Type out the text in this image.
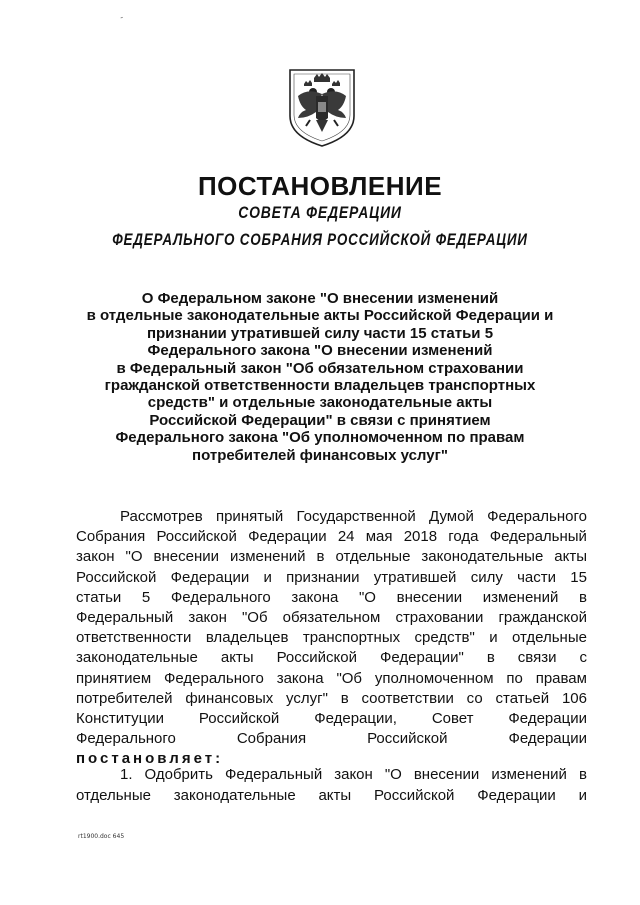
-
ПОСТАНОВЛЕНИЕ
СОВЕТА ФЕДЕРАЦИИ
ФЕДЕРАЛЬНОГО СОБРАНИЯ РОССИЙСКОЙ ФЕДЕРАЦИИ
О Федеральном законе "О внесении изменений
в отдельные законодательные акты Российской Федерации и
признании утратившей силу части 15 статьи 5
Федерального закона "О внесении изменений
в Федеральный закон "Об обязательном страховании
гражданской ответственности владельцев транспортных
средств" и отдельные законодательные акты
Российской Федерации" в связи с принятием
Федерального закона "Об уполномоченном по правам
потребителей финансовых услуг"
Рассмотрев принятый Государственной Думой Федерального
Собрания Российской Федерации 24 мая 2018 года Федеральный
закон "О внесении изменений в отдельные законодательные акты
Российской Федерации и признании утратившей силу части 15
статьи 5 Федерального закона "О внесении изменений в
Федеральный закон "Об обязательном страховании гражданской
ответственности владельцев транспортных средств" и отдельные
законодательные акты Российской Федерации" в связи с
принятием Федерального закона "Об уполномоченном по правам
потребителей финансовых услуг" в соответствии со статьей 106
Конституции Российской Федерации, Совет Федерации
Федерального	Собрания	Российской	Федерации
постановляет:
1. Одобрить Федеральный закон "О внесении изменений в
отдельные законодательные акты Российской Федерации и
rt1900.doc 645
